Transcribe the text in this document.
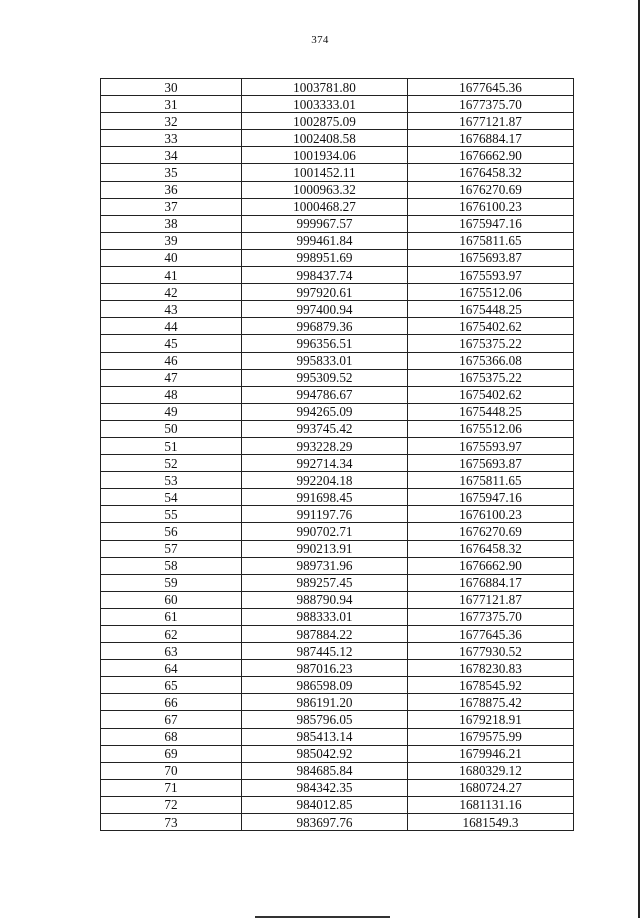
374
30	1003781.80	1677645.36
31	1003333.01	1677375.70
32	1002875.09	1677121.87
33	1002408.58	1676884.17
34	1001934.06	1676662.90
35	1001452.11	1676458.32
36	1000963.32	1676270.69
37	1000468.27	1676100.23
38	999967.57	1675947.16
39	999461.84	1675811.65
40	998951.69	1675693.87
41	998437.74	1675593.97
42	997920.61	1675512.06
43	997400.94	1675448.25
44	996879.36	1675402.62
45	996356.51	1675375.22
46	995833.01	1675366.08
47	995309.52	1675375.22
48	994786.67	1675402.62
49	994265.09	1675448.25
50	993745.42	1675512.06
51	993228.29	1675593.97
52	992714.34	1675693.87
53	992204.18	1675811.65
54	991698.45	1675947.16
55	991197.76	1676100.23
56	990702.71	1676270.69
57	990213.91	1676458.32
58	989731.96	1676662.90
59	989257.45	1676884.17
60	988790.94	1677121.87
61	988333.01	1677375.70
62	987884.22	1677645.36
63	987445.12	1677930.52
64	987016.23	1678230.83
65	986598.09	1678545.92
66	986191.20	1678875.42
67	985796.05	1679218.91
68	985413.14	1679575.99
69	985042.92	1679946.21
70	984685.84	1680329.12
71	984342.35	1680724.27
72	984012.85	1681131.16
73	983697.76	1681549.3
